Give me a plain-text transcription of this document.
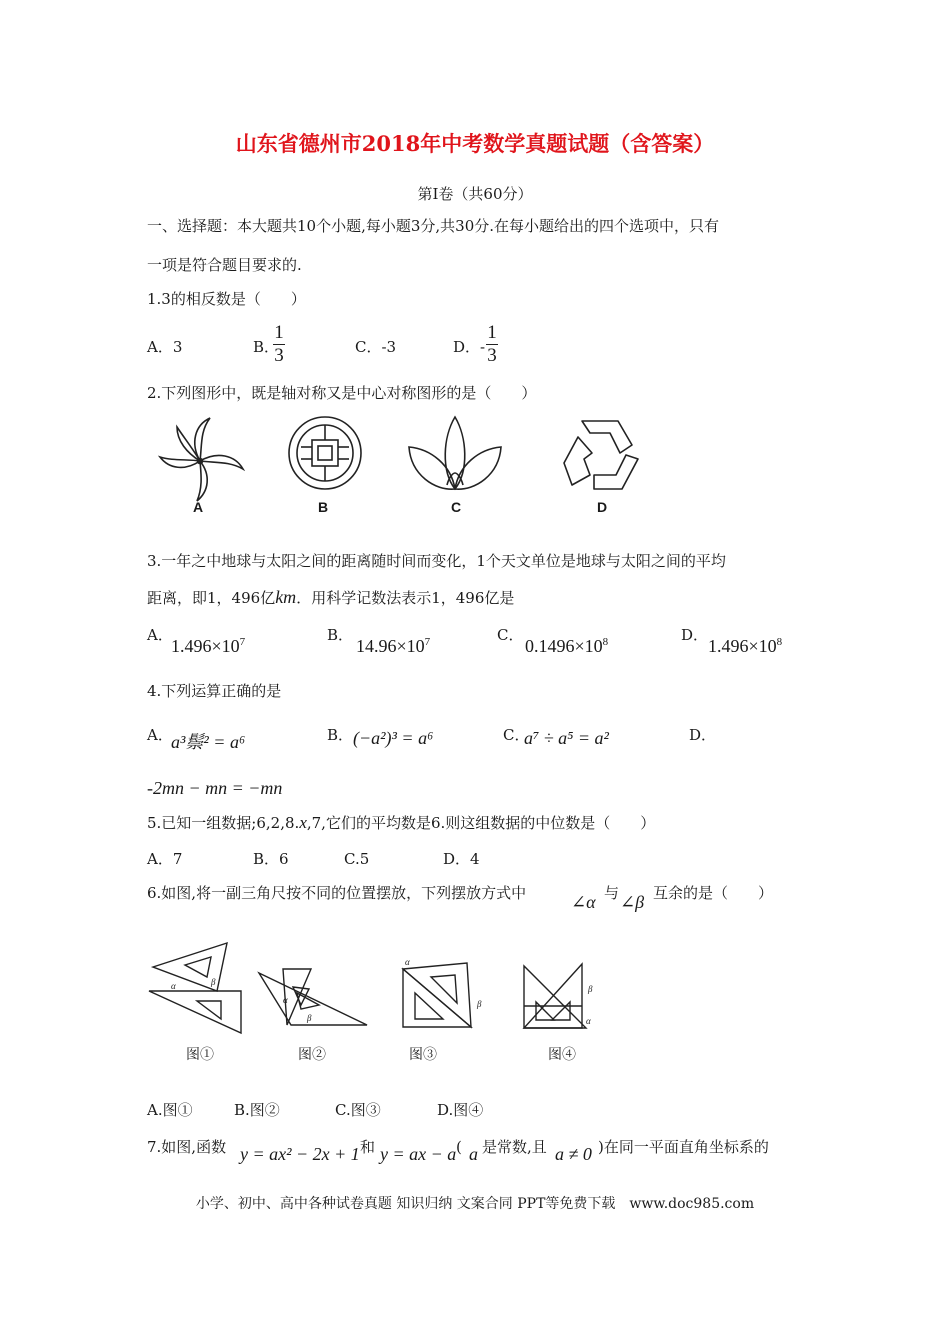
山东省德州市2018年中考数学真题试题（含答案）
第Ⅰ卷（共60分）
一、选择题：本大题共10个小题,每小题3分,共30分.在每小题给出的四个选项中，只有
一项是符合题目要求的.
1.3的相反数是（　　）
A．3	B．
$\frac{1}{3}$	C．-3	D．- $\frac{1}{3}$
2.下列图形中，既是轴对称又是中心对称图形的是（　　）
A	B	C	D
3.一年之中地球与太阳之间的距离随时间而变化，1个天文单位是地球与太阳之间的平均
距离，即1，496亿km．用科学记数法表示1，496亿是
A．
$1.496\times 10^7$	B．
$14.96\times 10^7$	C．
$0.1496\times 10^8$	D．
$1.496\times 10^8$
4.下列运算正确的是
A．
a³鬃² = a⁶	B． (−a²)³ = a⁶	C．
a⁷ ÷ a⁵ = a²	D．
-2mn − mn = −mn
5.已知一组数据;6,2,8.x,7,它们的平均数是6.则这组数据的中位数是（　　）
A．7	B．6	C.5	D．4
6.如图,将一副三角尺按不同的位置摆放，下列摆放方式中 ∠α 与 ∠β 互余的是（　　）
α	β
图①
α
β
图②
α
β
图③
β
α
图④
A.图①	B.图②	C.图③	D.图④
7.如图,函数 y = ax² − 2x + 1 和 y = ax − a ( a 是常数,且 a ≠ 0 )在同一平面直角坐标系的
小学、初中、高中各种试卷真题 知识归纳 文案合同 PPT等免费下载　www.doc985.com
